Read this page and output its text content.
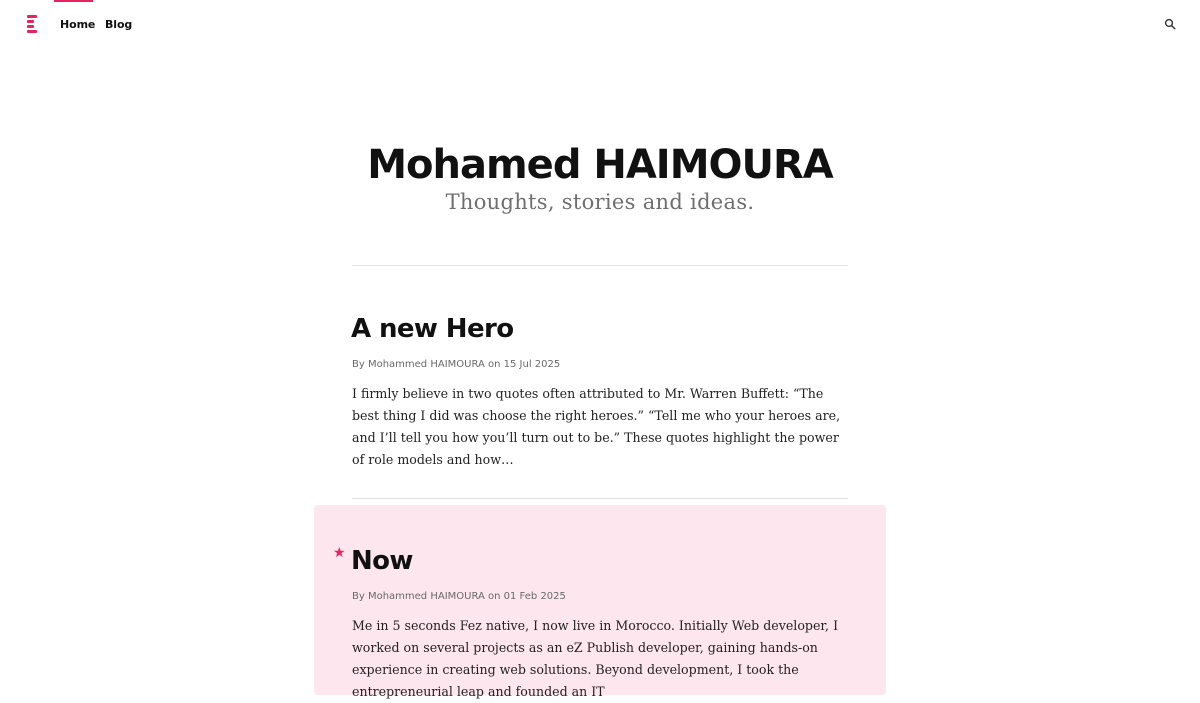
Home Blog
Mohamed HAIMOURA
Thoughts, stories and ideas.
A new Hero
By Mohammed HAIMOURA on 15 Jul 2025

I firmly believe in two quotes often attributed to Mr. Warren Buffett: “The best thing I did was choose the right heroes.” “Tell me who your heroes are, and I’ll tell you how you’ll turn out to be.” These quotes highlight the power of role models and how…

★ Now
By Mohammed HAIMOURA on 01 Feb 2025

Me in 5 seconds Fez native, I now live in Morocco. Initially Web developer, I worked on several projects as an eZ Publish developer, gaining hands-on experience in creating web solutions. Beyond development, I took the entrepreneurial leap and founded an IT
